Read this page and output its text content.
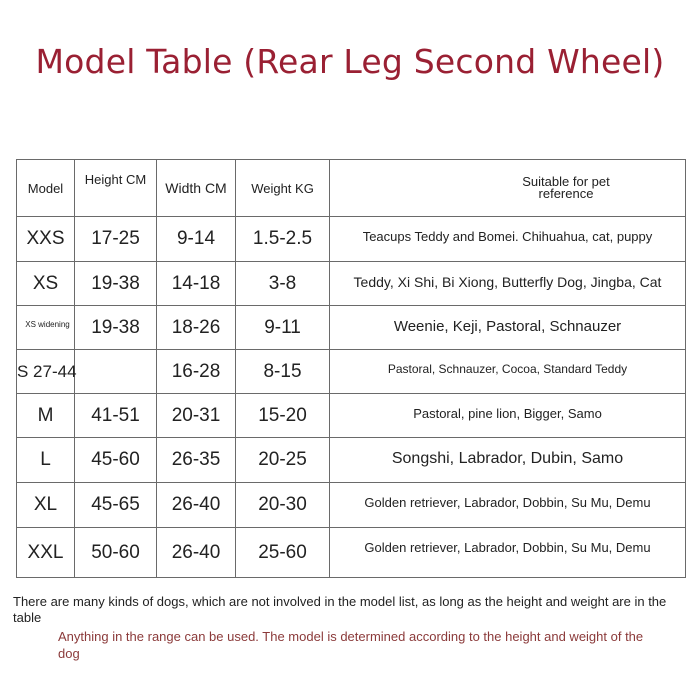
Model Table (Rear Leg Second Wheel)
Model	Height CM	Width CM	Weight KG	Suitable for pet
reference

XXS	17-25	9-14	1.5-2.5	Teacups Teddy and Bomei. Chihuahua, cat, puppy
XS	19-38	14-18	3-8	Teddy, Xi Shi, Bi Xiong, Butterfly Dog, Jingba, Cat
XS widening	19-38	18-26	9-11	Weenie, Keji, Pastoral, Schnauzer
S 27-44		16-28	8-15	Pastoral, Schnauzer, Cocoa, Standard Teddy
M	41-51	20-31	15-20	Pastoral, pine lion, Bigger, Samo
L	45-60	26-35	20-25	Songshi, Labrador, Dubin, Samo
XL	45-65	26-40	20-30	Golden retriever, Labrador, Dobbin, Su Mu, Demu
XXL	50-60	26-40	25-60	Golden retriever, Labrador, Dobbin, Su Mu, Demu
There are many kinds of dogs, which are not involved in the model list, as long as the height and weight are in the table
Anything in the range can be used. The model is determined according to the height and weight of the dog
